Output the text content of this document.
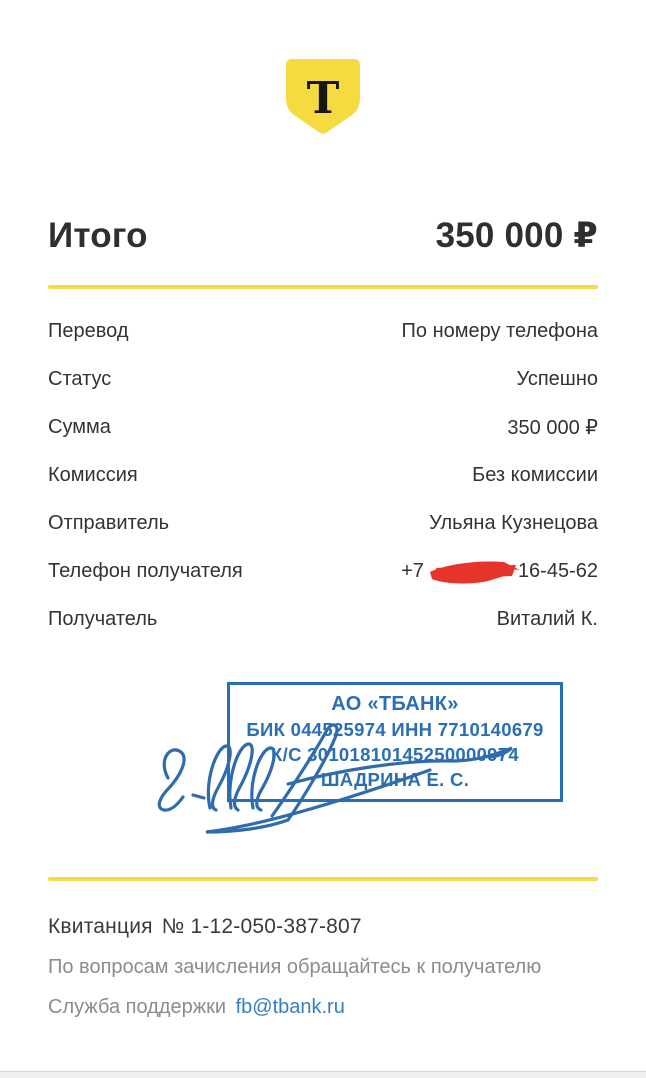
Т
Итого	350 000 ₽
Перевод	По номеру телефона
Статус	Успешно
Сумма	350 000 ₽
Комиссия	Без комиссии
Отправитель	Ульяна Кузнецова
Телефон получателя	+7	16-45-62
Получатель	Виталий К.
АО «ТБАНК»
БИК 044525974 ИНН 7710140679
К/С 30101810145250000974
ШАДРИНА Е. С.
Квитанция № 1-12-050-387-807
По вопросам зачисления обращайтесь к получателю
Служба поддержки fb@tbank.ru
